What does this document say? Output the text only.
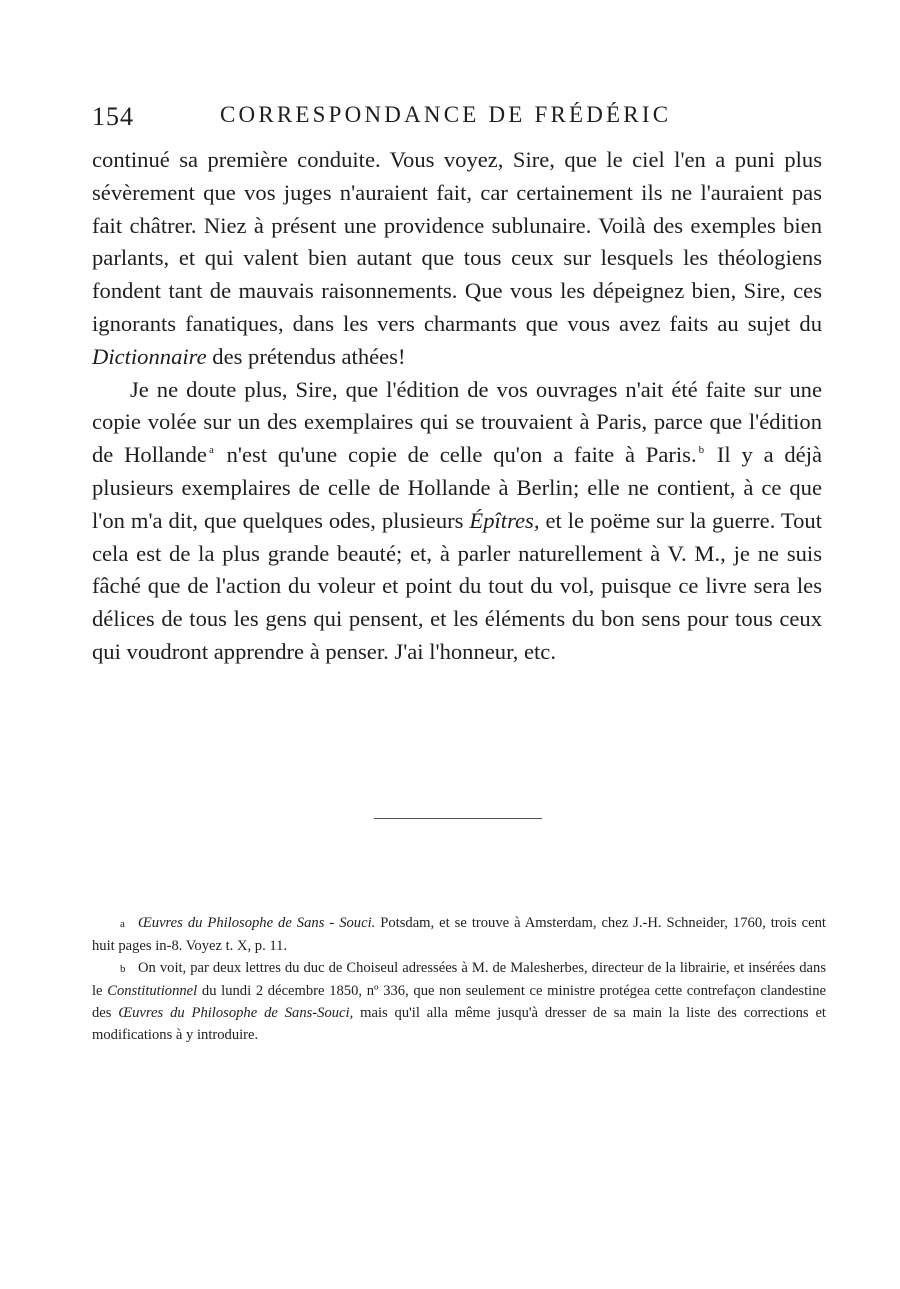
154	CORRESPONDANCE DE FRÉDÉRIC

continué sa première conduite. Vous voyez, Sire, que le ciel l'en a puni plus sévèrement que vos juges n'auraient fait, car certainement ils ne l'auraient pas fait châtrer. Niez à présent une providence sublunaire. Voilà des exemples bien parlants, et qui valent bien autant que tous ceux sur lesquels les théologiens fondent tant de mauvais raisonnements. Que vous les dépeignez bien, Sire, ces ignorants fanatiques, dans les vers charmants que vous avez faits au sujet du Dictionnaire des prétendus athées!

Je ne doute plus, Sire, que l'édition de vos ouvrages n'ait été faite sur une copie volée sur un des exemplaires qui se trouvaient à Paris, parce que l'édition de Hollande $^a$ n'est qu'une copie de celle qu'on a faite à Paris. $^b$ Il y a déjà plusieurs exemplaires de celle de Hollande à Berlin; elle ne contient, à ce que l'on m'a dit, que quelques odes, plusieurs Épîtres, et le poëme sur la guerre. Tout cela est de la plus grande beauté; et, à parler naturellement à V. M., je ne suis fâché que de l'action du voleur et point du tout du vol, puisque ce livre sera les délices de tous les gens qui pensent, et les éléments du bon sens pour tous ceux qui voudront apprendre à penser. J'ai l'honneur, etc.

a Œuvres du Philosophe de Sans - Souci. Potsdam, et se trouve à Amsterdam, chez J.-H. Schneider, 1760, trois cent huit pages in-8. Voyez t. X, p. 11.

b On voit, par deux lettres du duc de Choiseul adressées à M. de Malesherbes, directeur de la librairie, et insérées dans le Constitutionnel du lundi 2 décembre 1850, nº 336, que non seulement ce ministre protégea cette contrefaçon clandestine des Œuvres du Philosophe de Sans-Souci, mais qu'il alla même jusqu'à dresser de sa main la liste des corrections et modifications à y introduire.
